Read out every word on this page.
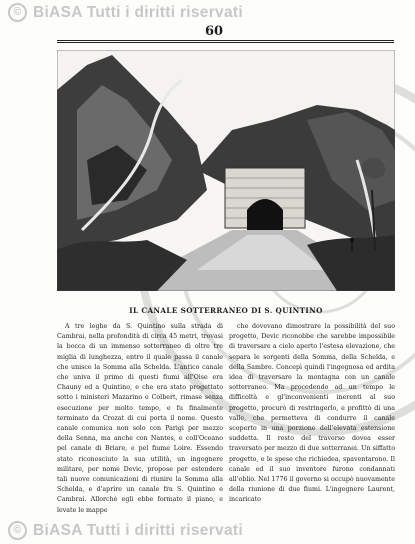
© BiASA Tutti i diritti riservati
60
IL CANALE SOTTERRANEO DI S. QUINTINO

A tre leghe da S. Quintino sulla strada di Cambrai, nella profondità di circa 45 metri, trovasi la bocca di un immenso sotterraneo di oltre tre miglia di lunghezza, entro il quale passa il canale che unisce la Somma alla Schelda. L'antico canale che univa il primo di questi fiumi all'Oise era Chauny ed a Quintino, e che era stato progettato sotto i ministeri Mazarino e Colbert, rimase senza esecuzione per molto tempo, e fu finalmente terminato da Crozat di cui porta il nome. Questo canale comunica non solo con Parigi per mezzo della Senna, ma anche con Nantes, e coll'Oceano pel canale di Briare, e pel fiume Loire. Essendo stato riconosciuto la sua utilità, un ingegnere militare, per nome Devic, propose per estendere tali nuove comunicazioni di riunire la Somma alla Schelda, e d'aprire un canale fra S. Quintino e Cambrai. Allorchè egli ebbe formato il piano, e levate le mappe

che dovevano dimostrare la possibilità del suo progetto, Devic riconobbe che sarebbe impossibile di traversare a cielo aperto l'estesa elevazione, che separa le sorgenti della Somma, della Schelda, e della Sambre. Concepì quindi l'ingegnosa ed ardita idea di traversare la montagna con un canale sotterraneo. Ma procedendo ad un tempo le difficoltà e gl'inconvenienti inerenti al suo progetto, procurò di restringerlo, e profittò di una valle, che permetteva di condurre il canale scoperto in una porzione dell'elevata estensione suddetta. Il resto del traverso dovea esser traversato per mezzo di due sotterranei. Un siffatto progetto, e le spese che richiedea, spaventarono. Il canale ed il suo inventore furono condannati all'oblio. Nel 1776 il governo si occupò nuovamente della riunione di due fiumi. L'ingegnere Laurent, incaricato

© BiASA Tutti i diritti riservati
